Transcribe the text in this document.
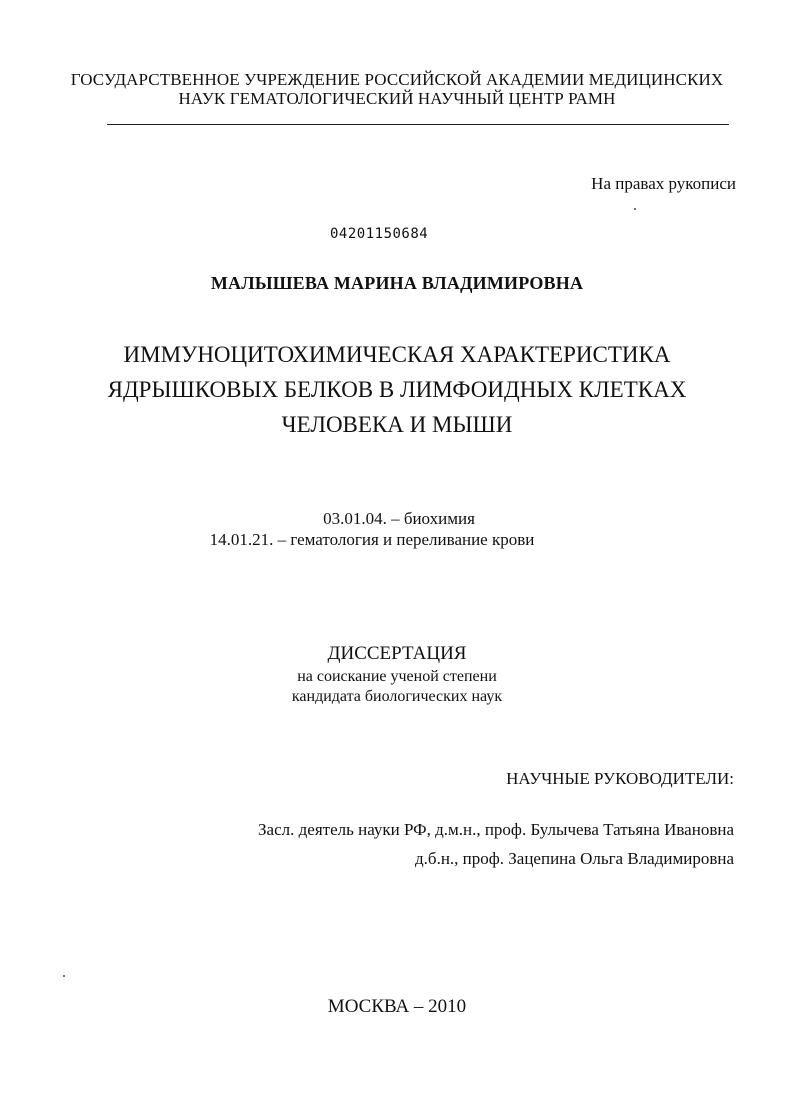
ГОСУДАРСТВЕННОЕ УЧРЕЖДЕНИЕ РОССИЙСКОЙ АКАДЕМИИ МЕДИЦИНСКИХ
НАУК ГЕМАТОЛОГИЧЕСКИЙ НАУЧНЫЙ ЦЕНТР РАМН
На правах рукописи
04201150684
МАЛЫШЕВА МАРИНА ВЛАДИМИРОВНА
ИММУНОЦИТОХИМИЧЕСКАЯ ХАРАКТЕРИСТИКА
ЯДРЫШКОВЫХ БЕЛКОВ В ЛИМФОИДНЫХ КЛЕТКАХ
ЧЕЛОВЕКА И МЫШИ
03.01.04. – биохимия
14.01.21. – гематология и переливание крови
ДИССЕРТАЦИЯ
на соискание ученой степени
кандидата биологических наук
НАУЧНЫЕ РУКОВОДИТЕЛИ:
Засл. деятель науки РФ, д.м.н., проф. Булычева Татьяна Ивановна
д.б.н., проф. Зацепина Ольга Владимировна
МОСКВА – 2010
